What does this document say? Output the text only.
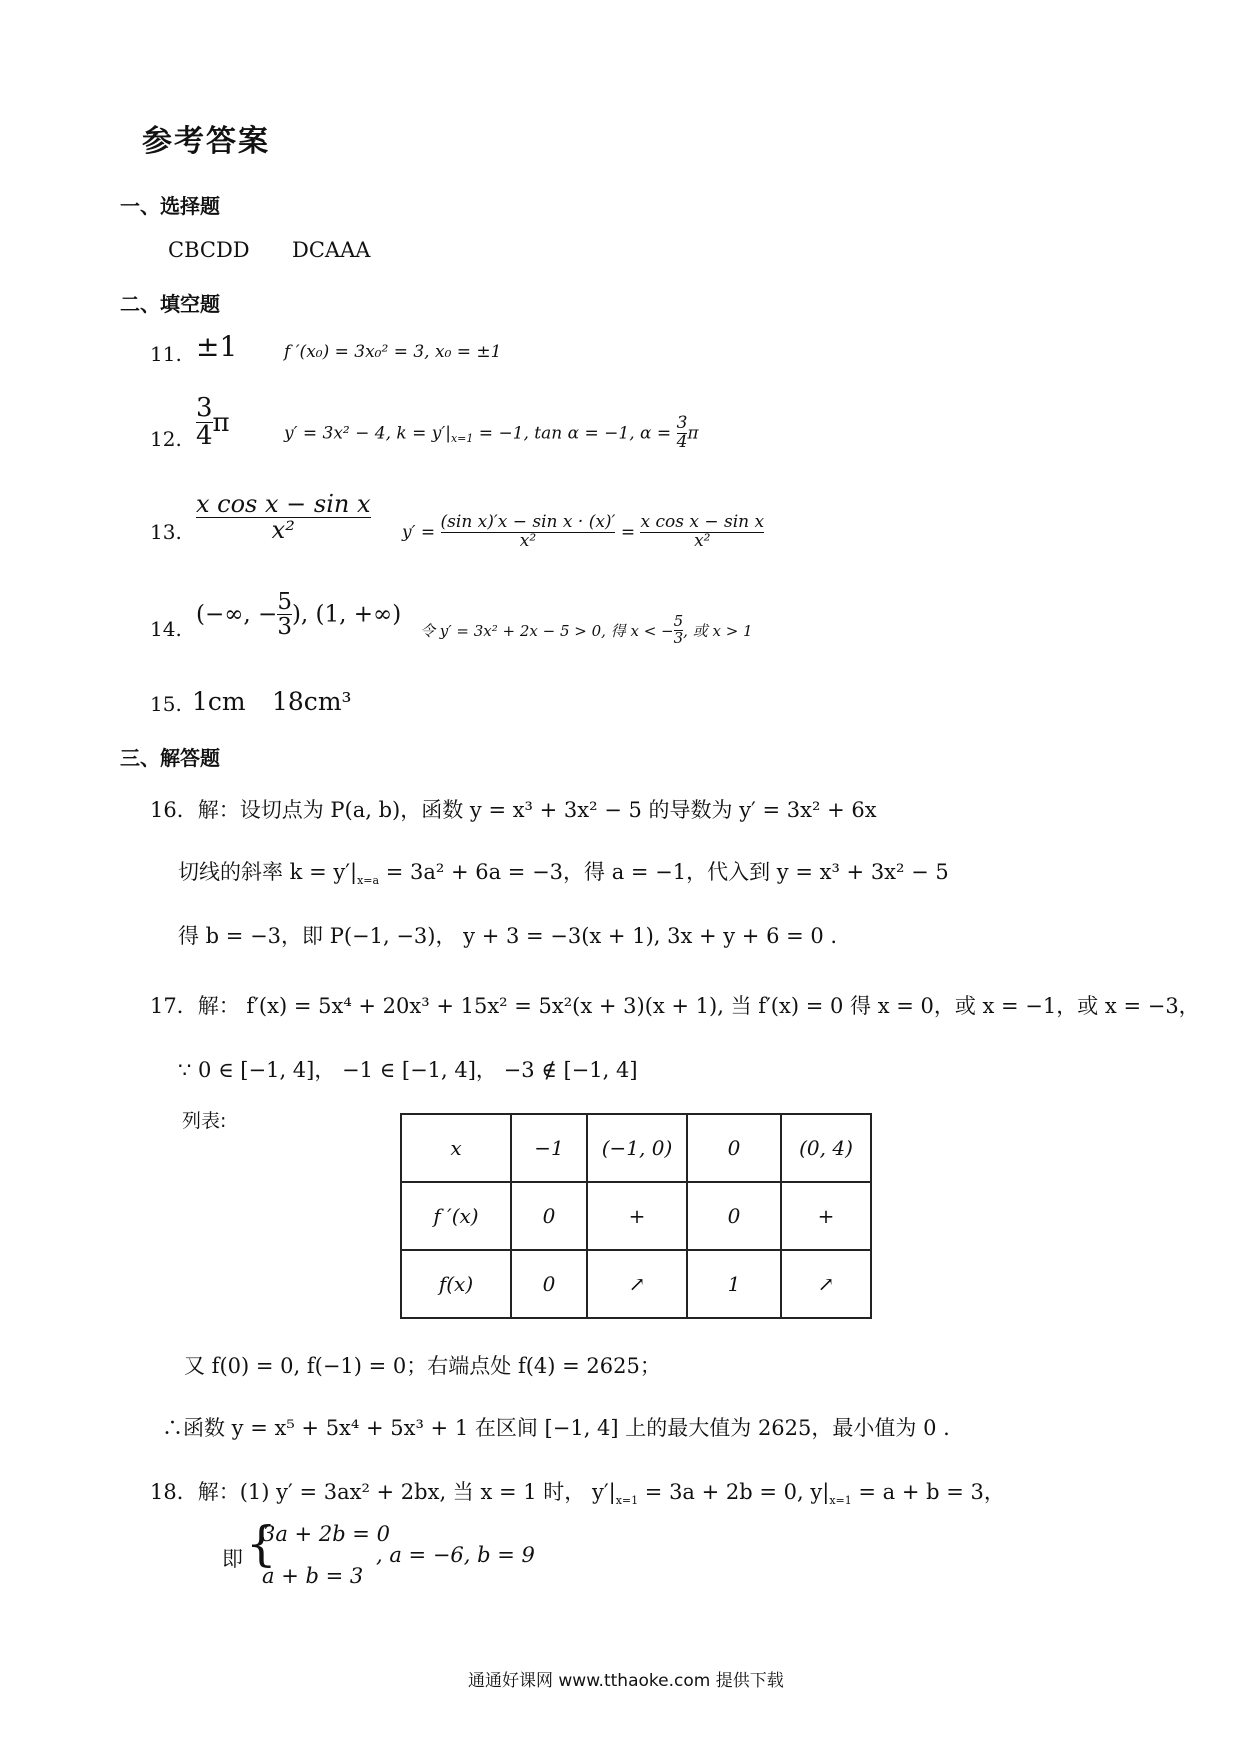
参考答案
一、选择题
CBCDD DCAAA
二、填空题
11. ±1	f ′(x₀) = 3x₀² = 3, x₀ = ±1
12. $\frac{3}{4}$ π	y′ = 3x² − 4, $k = y'|_{x=1} = -1$, tan α = −1, $\alpha = \frac{3}{4}$ π
13. $\frac{\text{x cos x − sin x}}{\text{x²}} y' = \frac{\text{(sin x)′x − sin x · (x)′}}{\text{x²}} = \frac{\text{x cos x − sin x}}{\text{x²}}$
14.
(−∞, − $\frac{5}{3}$ ), (1, +∞)
令 y′ = 3x² + 2x − 5 > 0, 得 x < − $\frac{5}{3}$ , 或 x > 1
15. 1cm 18cm³
三、解答题
16．解：设切点为 P(a, b)，函数 y = x³ + 3x² − 5 的导数为 y′ = 3x² + 6x
切线的斜率 $k = y'|_{x=a} = 3a^2 + 6a = -3$，得 a = −1，代入到 y = x³ + 3x² − 5
得 b = −3，即 P(−1, −3)， y + 3 = −3(x + 1), 3x + y + 6 = 0 .
17．解： f′(x) = 5x⁴ + 20x³ + 15x² = 5x²(x + 3)(x + 1), 当 f′(x) = 0 得 x = 0，或 x = −1，或 x = −3，
∵ 0 ∈ [−1, 4]， −1 ∈ [−1, 4]， −3 ∉ [−1, 4]
列表:
x	−1	(−1, 0)	0	(0, 4)
f ′(x)	0	+	0	+
f(x)	0	↗	1	↗
又 f(0) = 0, f(−1) = 0；右端点处 f(4) = 2625；
∴函数 y = x⁵ + 5x⁴ + 5x³ + 1 在区间 [−1, 4] 上的最大值为 2625，最小值为 0 .
18．解：(1) y′ = 3ax² + 2bx, 当 x = 1 时， $y'|_{x=1} = 3a + 2b = 0$, $y|_{x=1} = a + b = 3$，
即 {
3a + 2b = 0
a + b = 3
, a = −6, b = 9
通通好课网 www.tthaoke.com 提供下载
